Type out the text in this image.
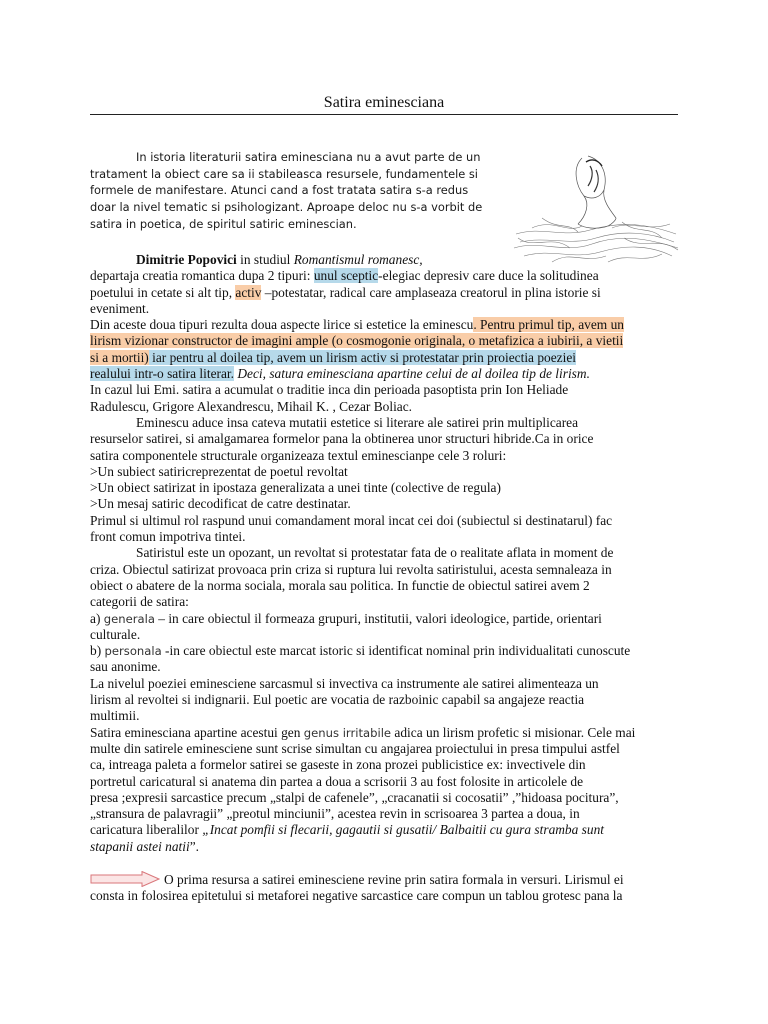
Satira eminesciana
In istoria literaturii satira eminesciana nu a avut parte de un
tratament la obiect care sa ii stabileasca resursele, fundamentele si
formele de manifestare. Atunci cand a fost tratata satira s-a redus
doar la nivel tematic si psihologizant. Aproape deloc nu s-a vorbit de
satira in poetica, de spiritul satiric eminescian.
Dimitrie Popovici in studiul Romantismul romanesc,
departaja creatia romantica dupa 2 tipuri: unul sceptic-elegiac depresiv care duce la solitudinea
poetului in cetate si alt tip, activ –potestatar, radical care amplaseaza creatorul in plina istorie si
eveniment.
Din aceste doua tipuri rezulta doua aspecte lirice si estetice la eminescu. Pentru primul tip, avem un
lirism vizionar constructor de imagini ample (o cosmogonie originala, o metafizica a iubirii, a vietii
si a mortii) iar pentru al doilea tip, avem un lirism activ si protestatar prin proiectia poeziei
realului intr-o satira literar. Deci, satura eminesciana apartine celui de al doilea tip de lirism.
In cazul lui Emi. satira a acumulat o traditie inca din perioada pasoptista prin Ion Heliade
Radulescu, Grigore Alexandrescu, Mihail K. , Cezar Boliac.
Eminescu aduce insa cateva mutatii estetice si literare ale satirei prin multiplicarea
resurselor satirei, si amalgamarea formelor pana la obtinerea unor structuri hibride.Ca in orice
satira componentele structurale organizeaza textul eminescianpe cele 3 roluri:
>Un subiect satiricreprezentat de poetul revoltat
>Un obiect satirizat in ipostaza generalizata a unei tinte (colective de regula)
>Un mesaj satiric decodificat de catre destinatar.
Primul si ultimul rol raspund unui comandament moral incat cei doi (subiectul si destinatarul) fac
front comun impotriva tintei.
Satiristul este un opozant, un revoltat si protestatar fata de o realitate aflata in moment de
criza. Obiectul satirizat provoaca prin criza si ruptura lui revolta satiristului, acesta semnaleaza in
obiect o abatere de la norma sociala, morala sau politica. In functie de obiectul satirei avem 2
categorii de satira:
a) generala – in care obiectul il formeaza grupuri, institutii, valori ideologice, partide, orientari
culturale.
b) personala -in care obiectul este marcat istoric si identificat nominal prin individualitati cunoscute
sau anonime.
La nivelul poeziei eminesciene sarcasmul si invectiva ca instrumente ale satirei alimenteaza un
lirism al revoltei si indignarii. Eul poetic are vocatia de razboinic capabil sa angajeze reactia
multimii.
Satira eminesciana apartine acestui gen genus irritabile adica un lirism profetic si misionar. Cele mai
multe din satirele eminesciene sunt scrise simultan cu angajarea proiectului in presa timpului astfel
ca, intreaga paleta a formelor satirei se gaseste in zona prozei publicistice ex: invectivele din
portretul caricatural si anatema din partea a doua a scrisorii 3 au fost folosite in articolele de
presa ;expresii sarcastice precum „stalpi de cafenele”, „cracanatii si cocosatii” ,”hidoasa pocitura”,
„stransura de palavragii” „preotul minciunii”, acestea revin in scrisoarea 3 partea a doua, in
caricatura liberalilor „Incat pomfii si flecarii, gagautii si gusatii/ Balbaitii cu gura stramba sunt
stapanii astei natii”.
O prima resursa a satirei eminesciene revine prin satira formala in versuri. Lirismul ei
consta in folosirea epitetului si metaforei negative sarcastice care compun un tablou grotesc pana la
